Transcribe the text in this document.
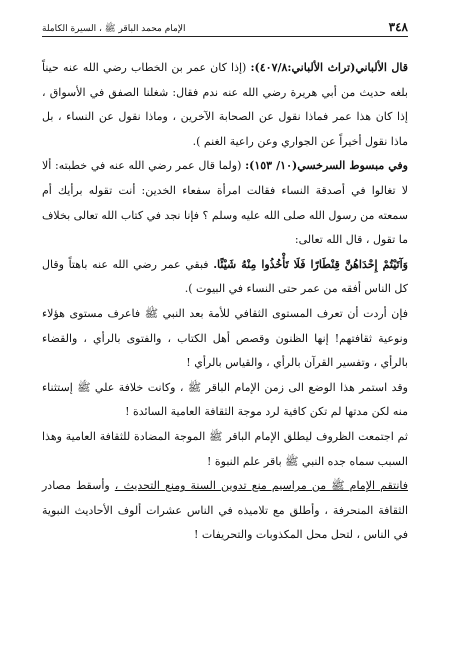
٣٤٨
الإمام محمد الباقر ﷺ ، السيرة الكاملة

قال الألباني(تراث الألباني:٤٠٧/٨): (إذا كان عمر بن الخطاب رضي الله عنه حيناً بلغه حديث من أبي هريرة رضي الله عنه ندم فقال: شغلنا الصفق في الأسواق ، إذا كان هذا عمر فماذا نقول عن الصحابة الآخرين ، وماذا نقول عن النساء ، بل ماذا نقول أخيراً عن الجواري وعن راعية الغنم ).

وفي مبسوط السرخسي(١٠/ ١٥٣): (ولما قال عمر رضي الله عنه في خطبته: ألا لا تغالوا في أصدقة النساء فقالت امرأة سفعاء الخدين: أنت تقوله برأيك أم سمعته من رسول الله صلى الله عليه وسلم ؟ فإنا نجد في كتاب الله تعالى بخلاف ما تقول ، قال الله تعالى:
وَآتَيْتُمْ إِحْدَاهُنَّ قِنْطَارًا فَلَا تَأْخُذُوا مِنْهُ شَيْئًا. فبقي عمر رضي الله عنه باهتاً وقال كل الناس أفقه من عمر حتى النساء في البيوت ).

فإن أردت أن تعرف المستوى الثقافي للأمة بعد النبي ﷺ فاعرف مستوى هؤلاء ونوعية ثقافتهم! إنها الظنون وقصص أهل الكتاب ، والفتوى بالرأي ، والقضاء بالرأي ، وتفسير القرآن بالرأي ، والقياس بالرأي !

وقد استمر هذا الوضع الى زمن الإمام الباقر ﷺ ، وكانت خلافة علي ﷺ إستثناء منه لكن مدتها لم تكن كافية لرد موجة الثقافة العامية السائدة !

ثم اجتمعت الظروف ليطلق الإمام الباقر ﷺ الموجة المضادة للثقافة العامية وهذا السبب سماه جده النبي ﷺ باقر علم النبوة !

فانتقم الإمام ﷺ من مراسيم منع تدوين السنة ومنع التحديث ، وأسقط مصادر الثقافة المنحرفة ، وأطلق مع تلاميذه في الناس عشرات ألوف الأحاديث النبوية في الناس ، لتحل محل المكذوبات والتحريفات !
